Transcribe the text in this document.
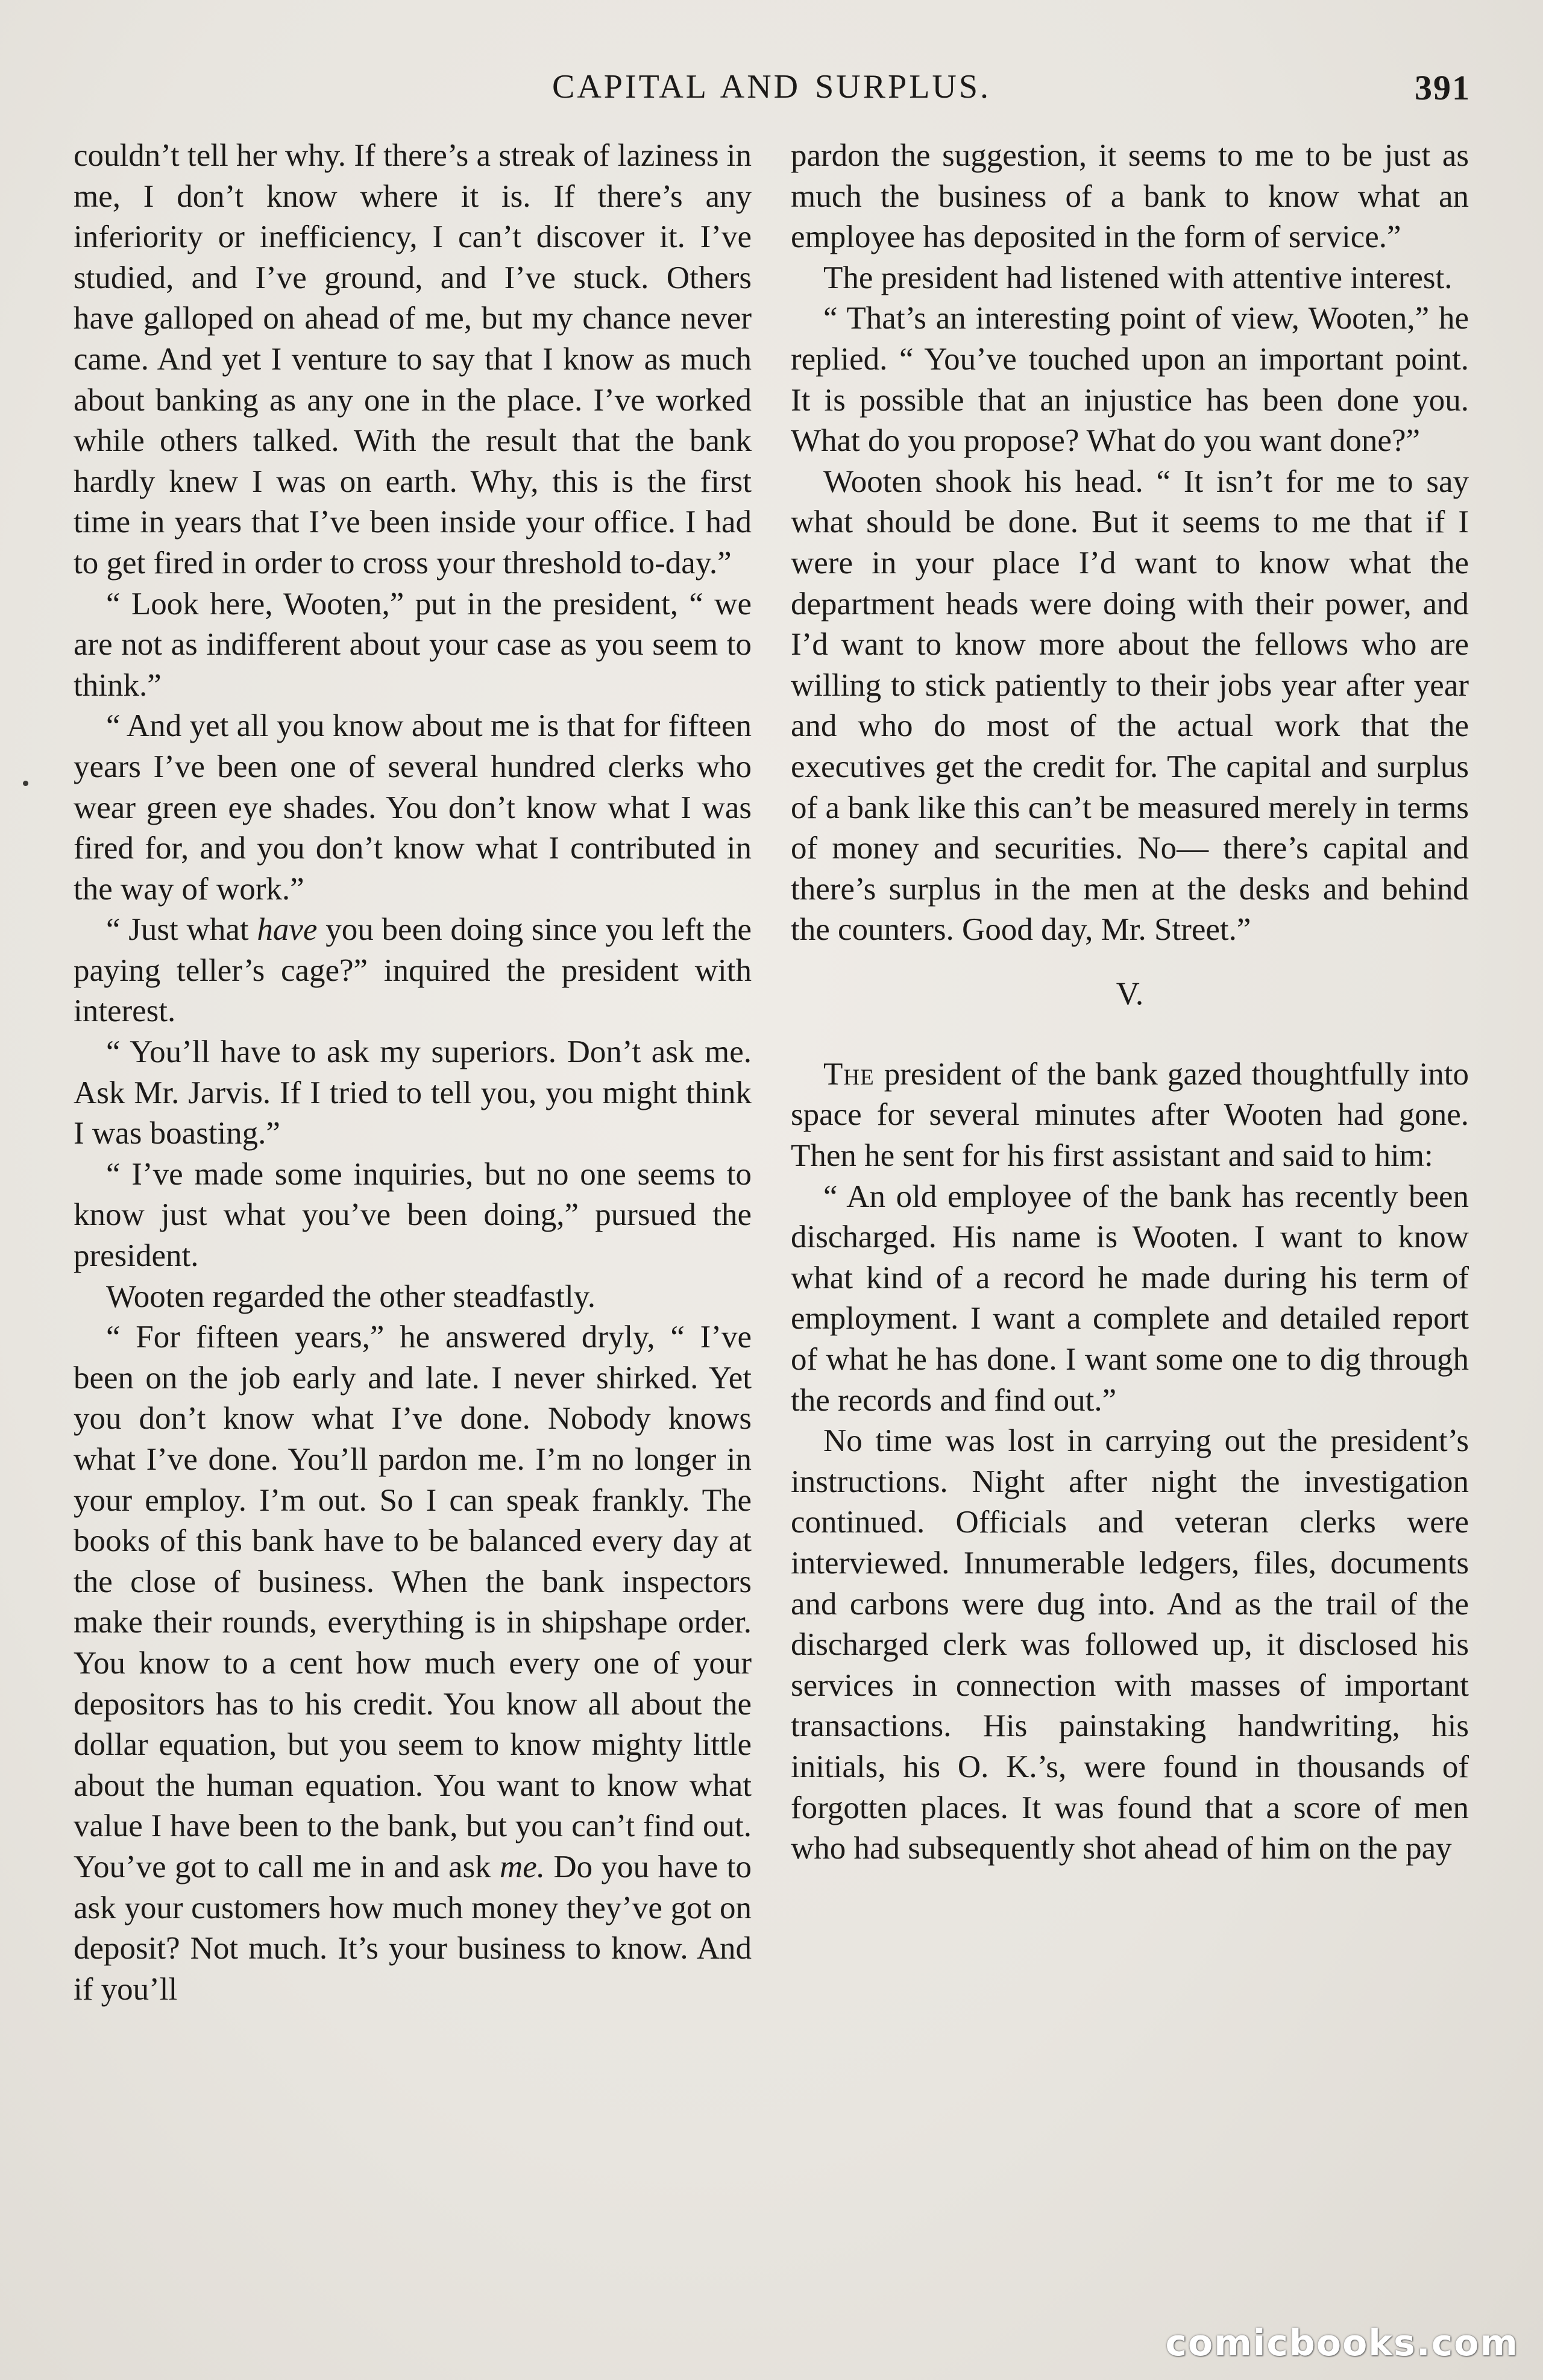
CAPITAL AND SURPLUS.	391

couldn’t tell her why. If there’s a streak of laziness in me, I don’t know where it is. If there’s any inferiority or inefficiency, I can’t discover it. I’ve studied, and I’ve ground, and I’ve stuck. Others have galloped on ahead of me, but my chance never came. And yet I venture to say that I know as much about banking as any one in the place. I’ve worked while others talked. With the result that the bank hardly knew I was on earth. Why, this is the first time in years that I’ve been inside your office. I had to get fired in order to cross your threshold to-day.”

“ Look here, Wooten,” put in the president, “ we are not as indifferent about your case as you seem to think.”

“ And yet all you know about me is that for fifteen years I’ve been one of several hundred clerks who wear green eye shades. You don’t know what I was fired for, and you don’t know what I contributed in the way of work.”

“ Just what have you been doing since you left the paying teller’s cage?” inquired the president with interest.

“ You’ll have to ask my superiors. Don’t ask me. Ask Mr. Jarvis. If I tried to tell you, you might think I was boasting.”

“ I’ve made some inquiries, but no one seems to know just what you’ve been doing,” pursued the president.

Wooten regarded the other steadfastly.

“ For fifteen years,” he answered dryly, “ I’ve been on the job early and late. I never shirked. Yet you don’t know what I’ve done. Nobody knows what I’ve done. You’ll pardon me. I’m no longer in your employ. I’m out. So I can speak frankly. The books of this bank have to be balanced every day at the close of business. When the bank inspectors make their rounds, everything is in shipshape order. You know to a cent how much every one of your depositors has to his credit. You know all about the dollar equation, but you seem to know mighty little about the human equation. You want to know what value I have been to the bank, but you can’t find out. You’ve got to call me in and ask me. Do you have to ask your customers how much money they’ve got on deposit? Not much. It’s your business to know. And if you’ll

pardon the suggestion, it seems to me to be just as much the business of a bank to know what an employee has deposited in the form of service.”

The president had listened with attentive interest.

“ That’s an interesting point of view, Wooten,” he replied. “ You’ve touched upon an important point. It is possible that an injustice has been done you. What do you propose? What do you want done?”

Wooten shook his head. “ It isn’t for me to say what should be done. But it seems to me that if I were in your place I’d want to know what the department heads were doing with their power, and I’d want to know more about the fellows who are willing to stick patiently to their jobs year after year and who do most of the actual work that the executives get the credit for. The capital and surplus of a bank like this can’t be measured merely in terms of money and securities. No— there’s capital and there’s surplus in the men at the desks and behind the counters. Good day, Mr. Street.”

V.

The president of the bank gazed thoughtfully into space for several minutes after Wooten had gone. Then he sent for his first assistant and said to him:

“ An old employee of the bank has recently been discharged. His name is Wooten. I want to know what kind of a record he made during his term of employment. I want a complete and detailed report of what he has done. I want some one to dig through the records and find out.”

No time was lost in carrying out the president’s instructions. Night after night the investigation continued. Officials and veteran clerks were interviewed. Innumerable ledgers, files, documents and carbons were dug into. And as the trail of the discharged clerk was followed up, it disclosed his services in connection with masses of important transactions. His painstaking handwriting, his initials, his O. K.’s, were found in thousands of forgotten places. It was found that a score of men who had subsequently shot ahead of him on the pay

comicbooks.com
